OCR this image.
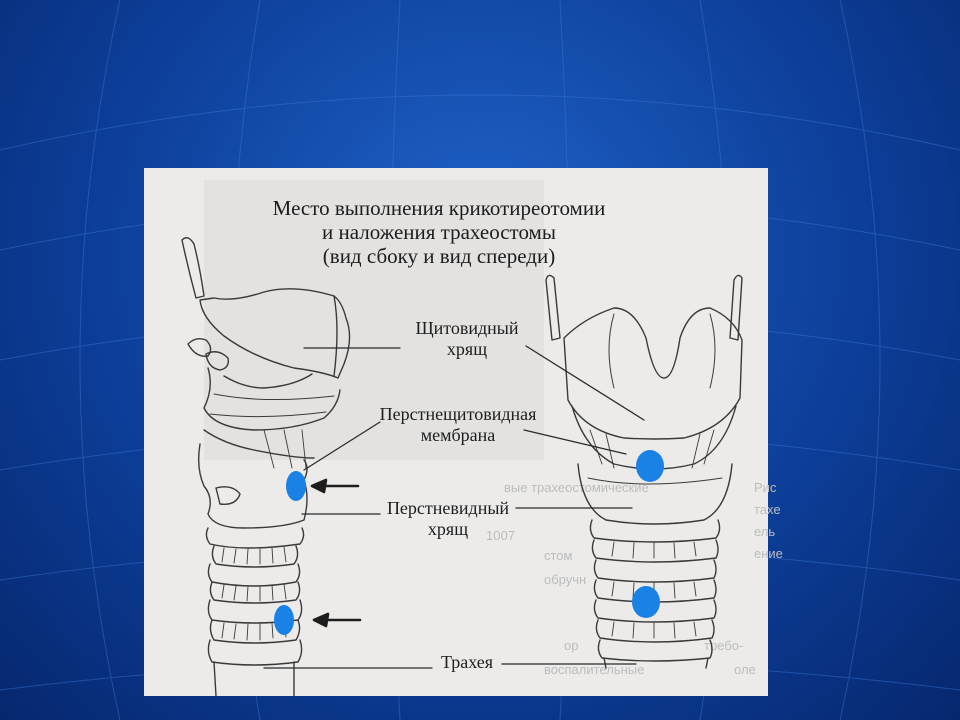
Рис
вые трахеостомические
тахе
ель
1007
ение
стом
обручн
ор	требо-
оле
воспалительные
Место выполнения крикотиреотомии
и наложения трахеостомы
(вид сбоку и вид спереди)
Щитовидный
хрящ
Перстнещитовидная
мембрана
Перстневидный
хрящ
Трахея
